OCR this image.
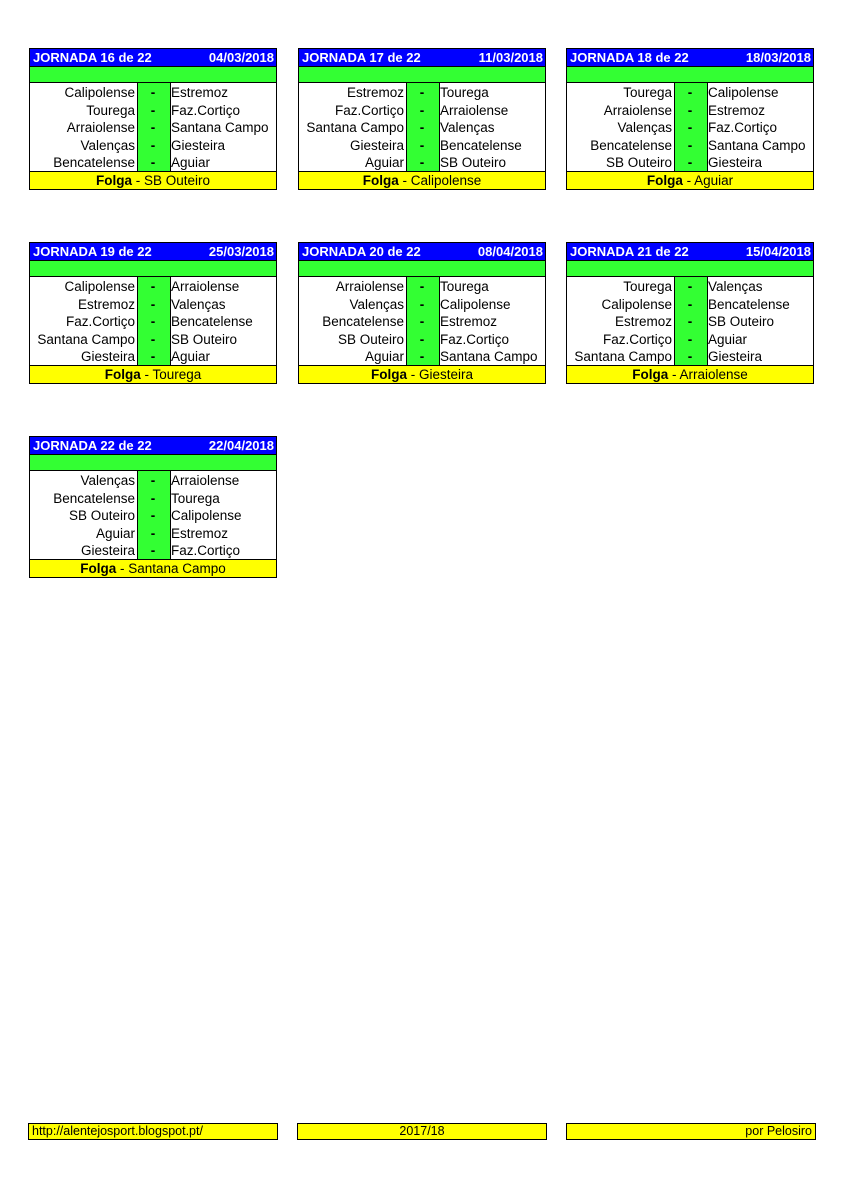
JORNADA 16 de 22	04/03/2018
Calipolense	-	Estremoz
Tourega	-	Faz.Cortiço
Arraiolense	-	Santana Campo
Valenças	-	Giesteira
Bencatelense	-	Aguiar
Folga - SB Outeiro
JORNADA 17 de 22	11/03/2018
Estremoz	-	Tourega
Faz.Cortiço	-	Arraiolense
Santana Campo	-	Valenças
Giesteira	-	Bencatelense
Aguiar	-	SB Outeiro
Folga - Calipolense
JORNADA 18 de 22	18/03/2018
Tourega	-	Calipolense
Arraiolense	-	Estremoz
Valenças	-	Faz.Cortiço
Bencatelense	-	Santana Campo
SB Outeiro	-	Giesteira
Folga - Aguiar
JORNADA 19 de 22	25/03/2018
Calipolense	-	Arraiolense
Estremoz	-	Valenças
Faz.Cortiço	-	Bencatelense
Santana Campo	-	SB Outeiro
Giesteira	-	Aguiar
Folga - Tourega
JORNADA 20 de 22	08/04/2018
Arraiolense	-	Tourega
Valenças	-	Calipolense
Bencatelense	-	Estremoz
SB Outeiro	-	Faz.Cortiço
Aguiar	-	Santana Campo
Folga - Giesteira
JORNADA 21 de 22	15/04/2018
Tourega	-	Valenças
Calipolense	-	Bencatelense
Estremoz	-	SB Outeiro
Faz.Cortiço	-	Aguiar
Santana Campo	-	Giesteira
Folga - Arraiolense
JORNADA 22 de 22	22/04/2018
Valenças	-	Arraiolense
Bencatelense	-	Tourega
SB Outeiro	-	Calipolense
Aguiar	-	Estremoz
Giesteira	-	Faz.Cortiço
Folga - Santana Campo
http://alentejosport.blogspot.pt/	2017/18	por Pelosiro
